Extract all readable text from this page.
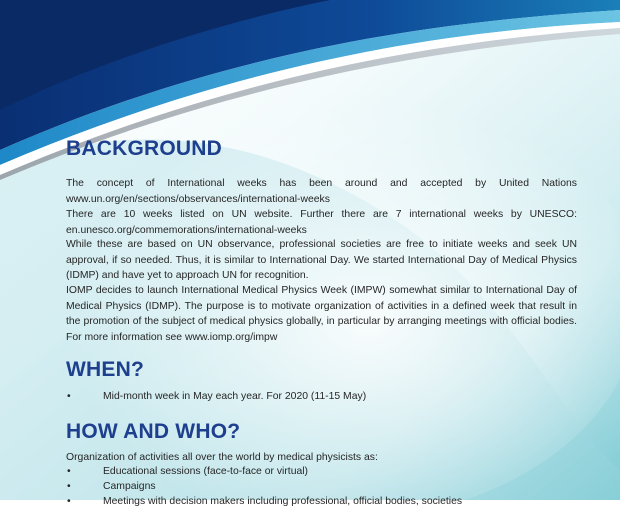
BACKGROUND

The concept of International weeks has been around and accepted by United Nations www.un.org/en/sections/observances/international-weeks

There are 10 weeks listed on UN website. Further there are 7 international weeks by UNESCO: en.unesco.org/commemorations/international-weeks

While these are based on UN observance, professional societies are free to initiate weeks and seek UN approval, if so needed. Thus, it is similar to International Day. We started International Day of Medical Physics (IDMP) and have yet to approach UN for recognition.

IOMP decides to launch International Medical Physics Week (IMPW) somewhat similar to International Day of Medical Physics (IDMP). The purpose is to motivate organization of activities in a defined week that result in the promotion of the subject of medical physics globally, in particular by arranging meetings with official bodies. For more information see www.iomp.org/impw

WHEN?
•	Mid-month week in May each year. For 2020 (11-15 May)
HOW AND WHO?

Organization of activities all over the world by medical physicists as:

•	Educational sessions (face-to-face or virtual)
•	Campaigns
•	Meetings with decision makers including professional, official bodies, societies
